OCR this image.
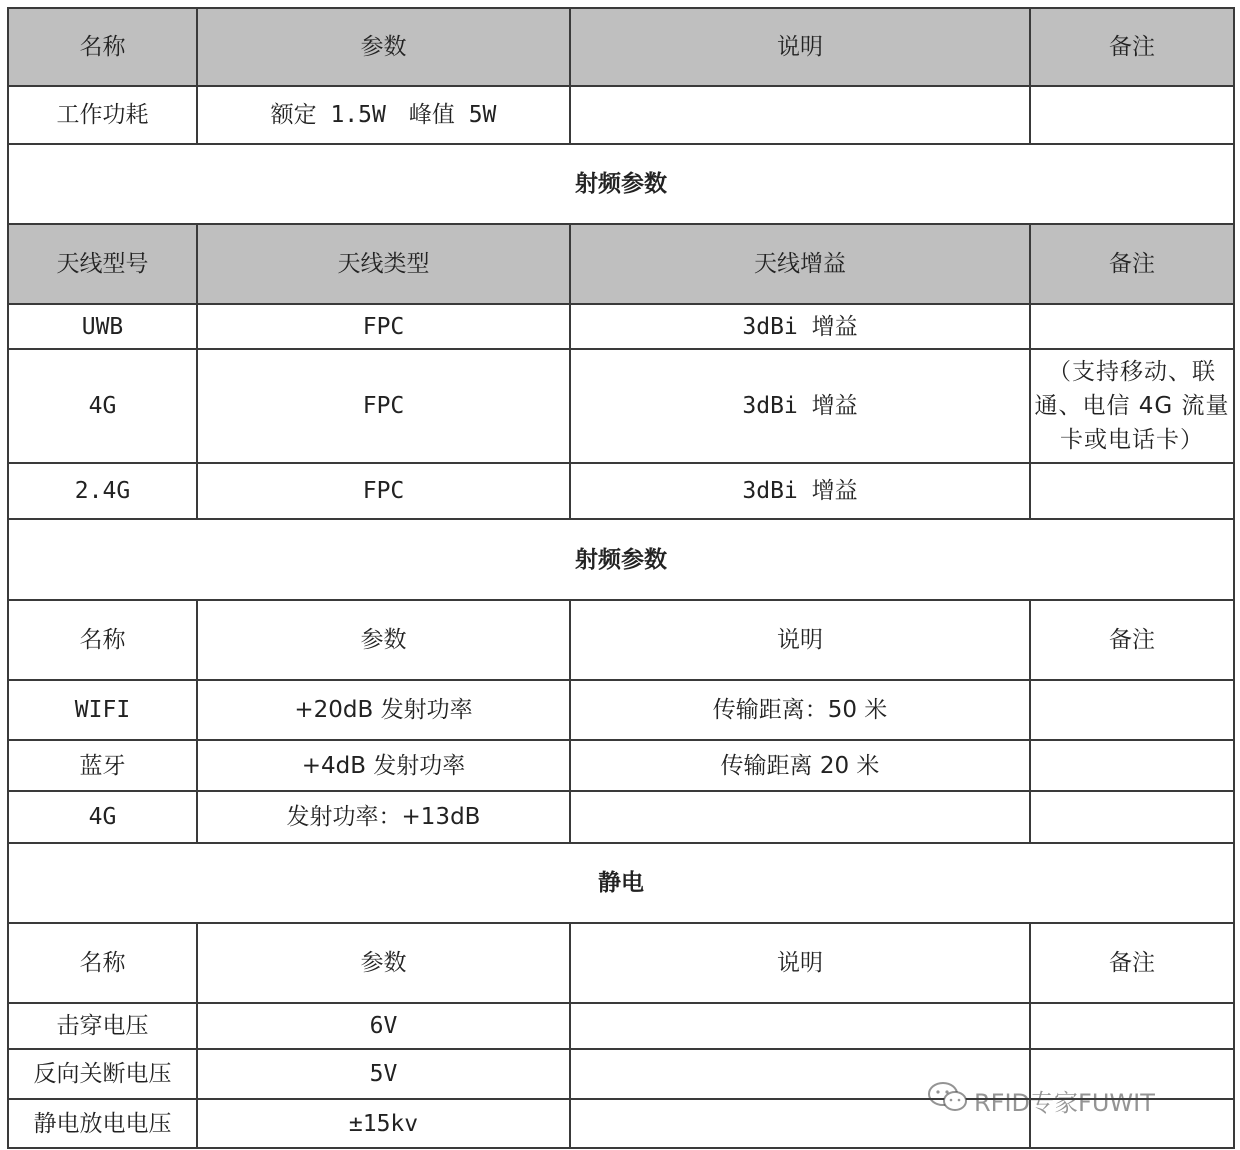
名称	参数	说明	备注
工作功耗	额定 1.5W　峰值 5W		
射频参数			
天线型号	天线类型	天线增益	备注
UWB	FPC	3dBi 增益	
4G	FPC	3dBi 增益	（支持移动、联通、电信 4G 流量卡或电话卡）
2.4G	FPC	3dBi 增益	
射频参数			
名称	参数	说明	备注
WIFI	+20dB 发射功率	传输距离：50 米	
蓝牙	+4dB 发射功率	传输距离 20 米	
4G	发射功率：+13dB		
静电			
名称	参数	说明	备注
击穿电压	6V		
反向关断电压	5V		
静电放电电压	±15kv		
RFID专家FUWIT
